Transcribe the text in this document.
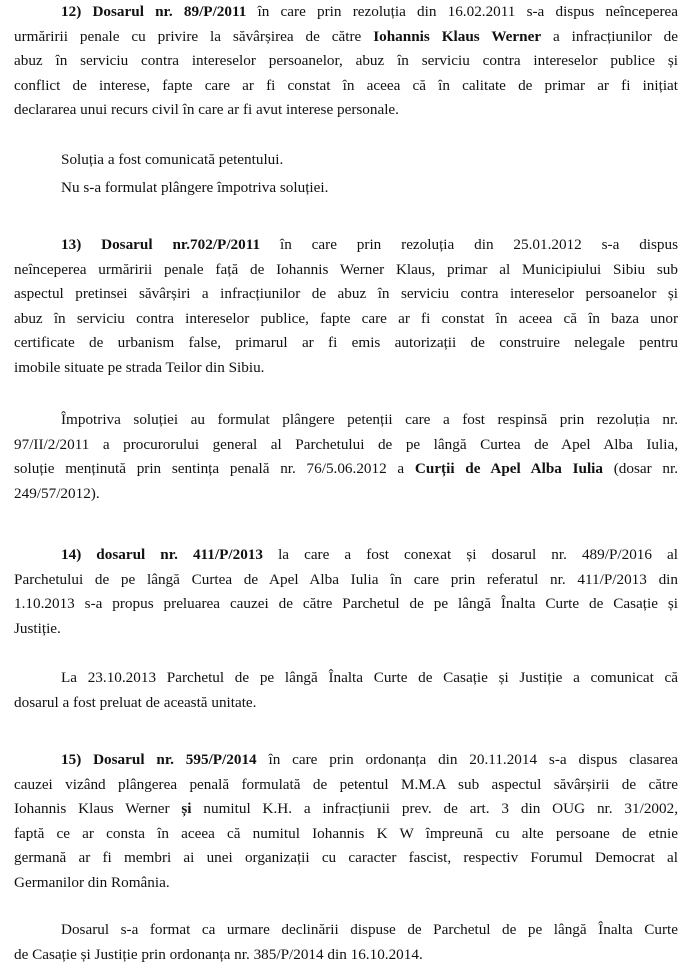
12) Dosarul nr. 89/P/2011 în care prin rezoluția din 16.02.2011 s-a dispus neînceperea
urmăririi penale cu privire la săvârșirea de către Iohannis Klaus Werner a infracțiunilor de
abuz în serviciu contra intereselor persoanelor, abuz în serviciu contra intereselor publice și
conflict de interese, fapte care ar fi constat în aceea că în calitate de primar ar fi inițiat
declararea unui recurs civil în care ar fi avut interese personale.
Soluția a fost comunicată petentului.
Nu s-a formulat plângere împotriva soluției.
13) Dosarul nr.702/P/2011 în care prin rezoluția din 25.01.2012 s-a dispus
neînceperea urmăririi penale față de Iohannis Werner Klaus, primar al Municipiului Sibiu sub
aspectul pretinsei săvârșiri a infracțiunilor de abuz în serviciu contra intereselor persoanelor și
abuz în serviciu contra intereselor publice, fapte care ar fi constat în aceea că în baza unor
certificate de urbanism false, primarul ar fi emis autorizații de construire nelegale pentru
imobile situate pe strada Teilor din Sibiu.
Împotriva soluției au formulat plângere petenții care a fost respinsă prin rezoluția nr.
97/II/2/2011 a procurorului general al Parchetului de pe lângă Curtea de Apel Alba Iulia,
soluție menținută prin sentința penală nr. 76/5.06.2012 a Curții de Apel Alba Iulia (dosar nr.
249/57/2012).
14) dosarul nr. 411/P/2013 la care a fost conexat și dosarul nr. 489/P/2016 al
Parchetului de pe lângă Curtea de Apel Alba Iulia în care prin referatul nr. 411/P/2013 din
1.10.2013 s-a propus preluarea cauzei de către Parchetul de pe lângă Înalta Curte de Casație și
Justiție.
La 23.10.2013 Parchetul de pe lângă Înalta Curte de Casație și Justiție a comunicat că
dosarul a fost preluat de această unitate.
15) Dosarul nr. 595/P/2014 în care prin ordonanța din 20.11.2014 s-a dispus clasarea
cauzei vizând plângerea penală formulată de petentul M.M.A sub aspectul săvârșirii de către
Iohannis Klaus Werner și numitul K.H. a infracțiunii prev. de art. 3 din OUG nr. 31/2002,
faptă ce ar consta în aceea că numitul Iohannis K W împreună cu alte persoane de etnie
germană ar fi membri ai unei organizații cu caracter fascist, respectiv Forumul Democrat al
Germanilor din România.
Dosarul s-a format ca urmare declinării dispuse de Parchetul de pe lângă Înalta Curte
de Casație și Justiție prin ordonanța nr. 385/P/2014 din 16.10.2014.
